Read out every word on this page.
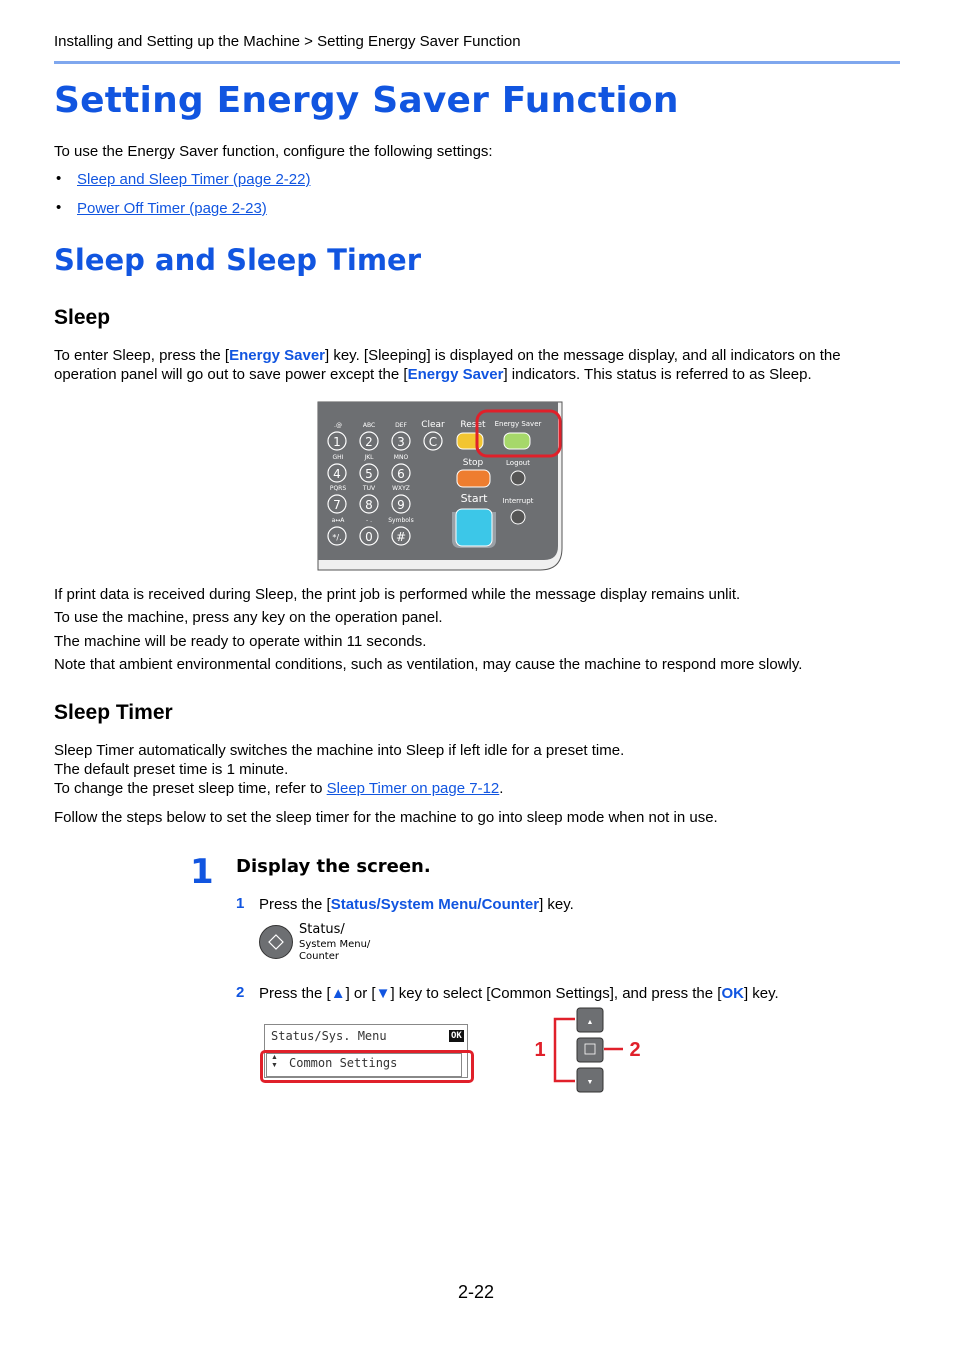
Installing and Setting up the Machine > Setting Energy Saver Function
Setting Energy Saver Function
To use the Energy Saver function, configure the following settings:
• Sleep and Sleep Timer (page 2-22)
• Power Off Timer (page 2-23)
Sleep and Sleep Timer
Sleep
To enter Sleep, press the [Energy Saver] key. [Sleeping] is displayed on the message display, and all indicators on the
operation panel will go out to save power except the [Energy Saver] indicators. This status is referred to as Sleep.
.@	ABC	DEF
GHI	JKL	MNO
PQRS	TUV	WXYZ
a↔A	- .	Symbols
Clear Reset
Stop
Start
Energy Saver
Logout
Interrupt
1 2 3 C
4 5 6
7 8 9
*/. 0 #
If print data is received during Sleep, the print job is performed while the message display remains unlit.
To use the machine, press any key on the operation panel.
The machine will be ready to operate within 11 seconds.
Note that ambient environmental conditions, such as ventilation, may cause the machine to respond more slowly.
Sleep Timer
Sleep Timer automatically switches the machine into Sleep if left idle for a preset time.
The default preset time is 1 minute.
To change the preset sleep time, refer to Sleep Timer on page 7-12.
Follow the steps below to set the sleep timer for the machine to go into sleep mode when not in use.
1 Display the screen.
1 Press the [Status/System Menu/Counter] key.
Status/
System Menu/
Counter
2 Press the [▲] or [▼] key to select [Common Settings], and press the [OK] key.
Status/Sys. Menu	OK
▲
▼ Common Settings
▲
▼
1	2
2-22
